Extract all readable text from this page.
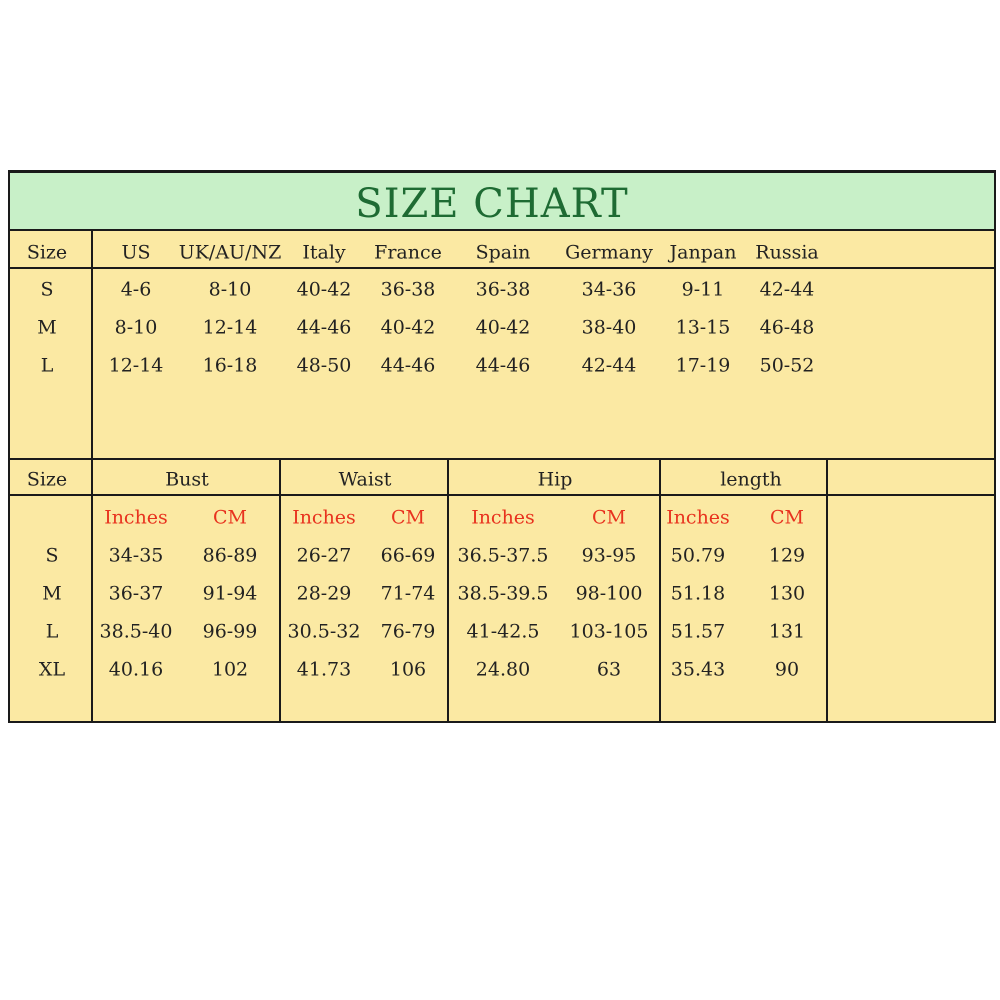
SIZE CHART
Size	US UK/AU/NZ Italy France Spain Germany Janpan Russia
S	4-6	8-10 40-42 36-38 36-38	34-36 9-11 42-44
M	8-10 12-14 44-46 40-42 40-42	38-40 13-15 46-48
L	12-14 16-18 48-50 44-46 44-46	42-44 17-19 50-52
Size	Bust	Waist	Hip	length
Inches CM Inches CM Inches	CM Inches CM
S	34-35 86-89 26-27 66-69 36.5-37.5 93-95 50.79 129
M 36-37 91-94 28-29 71-74 38.5-39.5 98-100 51.18 130
L 38.5-40 96-99 30.5-32 76-79 41-42.5 103-105 51.57 131
XL 40.16	102	41.73 106	24.80	63	35.43	90
